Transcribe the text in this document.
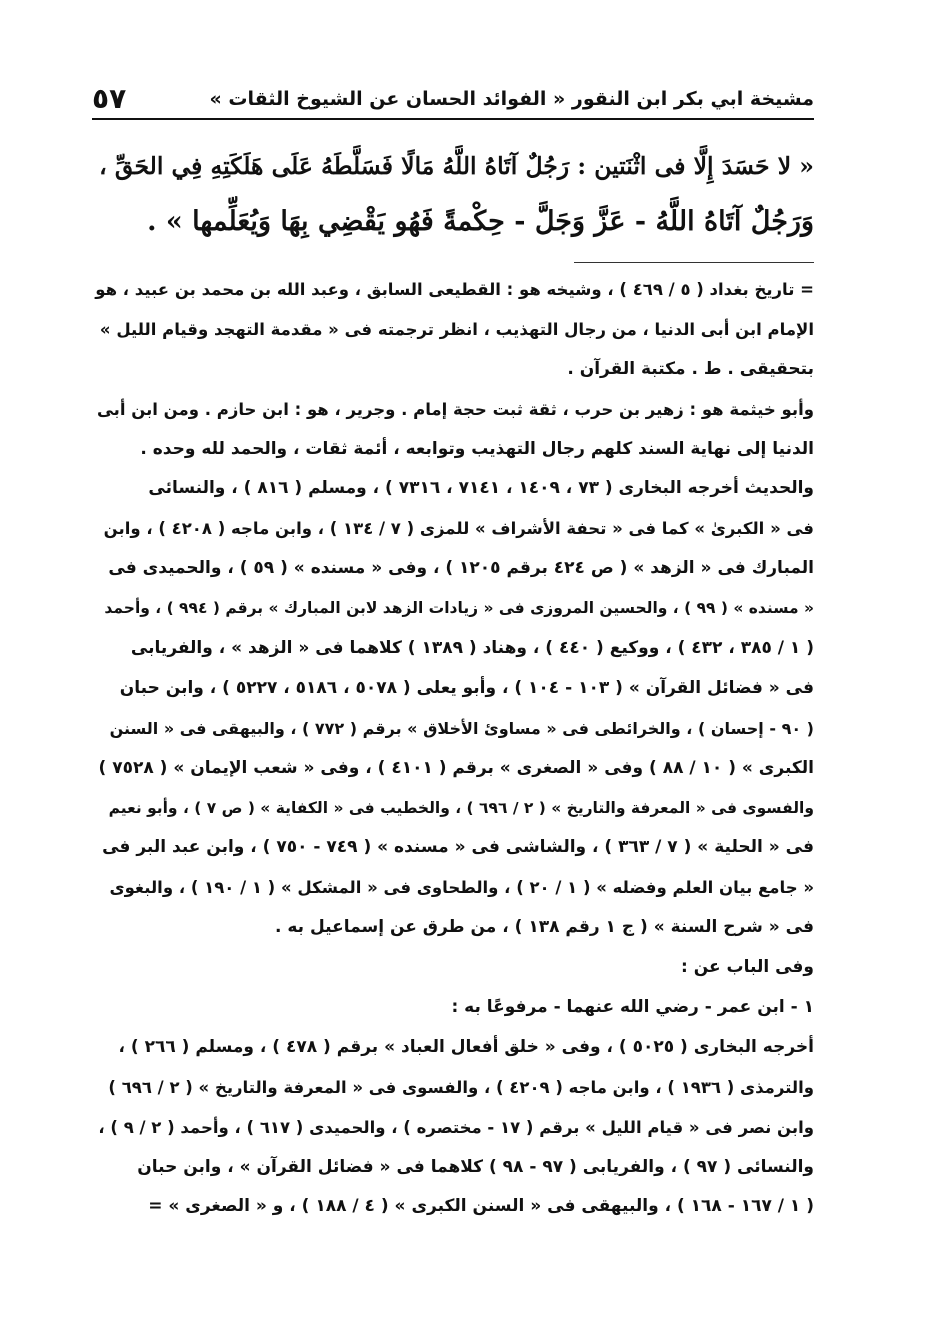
مشيخة ابي بكر ابن النقور « الفوائد الحسان عن الشيوخ الثقات »
٥٧
« لا حَسَدَ إِلَّا فى اثْنَتين : رَجُلٌ آتَاهُ اللَّهُ مَالًا فَسَلَّطَهُ عَلَى هَلَكَتِهِ فِي الحَقِّ ،
وَرَجُلٌ آتَاهُ اللَّهُ - عَزَّ وَجَلَّ - حِكْمةً فَهُو يَقْضِي بِهَا وَيُعَلِّمها » .
= تاريخ بغداد ( ٥ / ٤٦٩ ) ، وشيخه هو : القطيعى السابق ، وعبد الله بن محمد بن عبيد ، هو
الإمام ابن أبى الدنيا ، من رجال التهذيب ، انظر ترجمته فى « مقدمة التهجد وقيام الليل »
بتحقيقى . ط . مكتبة القرآن .
وأبو خيثمة هو : زهير بن حرب ، ثقة ثبت حجة إمام . وجرير ، هو : ابن حازم . ومن ابن أبى
الدنيا إلى نهاية السند كلهم رجال التهذيب وتوابعه ، أئمة ثقات ، والحمد لله وحده .
والحديث أخرجه البخارى ( ٧٣ ، ١٤٠٩ ، ٧١٤١ ، ٧٣١٦ ) ، ومسلم ( ٨١٦ ) ، والنسائى
فى « الكبرىٰ » كما فى « تحفة الأشراف » للمزى ( ٧ / ١٣٤ ) ، وابن ماجه ( ٤٢٠٨ ) ، وابن
المبارك فى « الزهد » ( ص ٤٢٤ برقم ١٢٠٥ ) ، وفى « مسنده » ( ٥٩ ) ، والحميدى فى
« مسنده » ( ٩٩ ) ، والحسين المروزى فى « زيادات الزهد لابن المبارك » برقم ( ٩٩٤ ) ، وأحمد
( ١ / ٣٨٥ ، ٤٣٢ ) ، ووكيع ( ٤٤٠ ) ، وهناد ( ١٣٨٩ ) كلاهما فى « الزهد » ، والفريابى
فى « فضائل القرآن » ( ١٠٣ - ١٠٤ ) ، وأبو يعلى ( ٥٠٧٨ ، ٥١٨٦ ، ٥٢٢٧ ) ، وابن حبان
( ٩٠ - إحسان ) ، والخرائطى فى « مساوئ الأخلاق » برقم ( ٧٧٢ ) ، والبيهقى فى « السنن
الكبرى » ( ١٠ / ٨٨ ) وفى « الصغرى » برقم ( ٤١٠١ ) ، وفى « شعب الإيمان » ( ٧٥٢٨ )
والفسوى فى « المعرفة والتاريخ » ( ٢ / ٦٩٦ ) ، والخطيب فى « الكفاية » ( ص ٧ ) ، وأبو نعيم
فى « الحلية » ( ٧ / ٣٦٣ ) ، والشاشى فى « مسنده » ( ٧٤٩ - ٧٥٠ ) ، وابن عبد البر فى
« جامع بيان العلم وفضله » ( ١ / ٢٠ ) ، والطحاوى فى « المشكل » ( ١ / ١٩٠ ) ، والبغوى
فى « شرح السنة » ( ج ١ رقم ١٣٨ ) ، من طرق عن إسماعيل به .
وفى الباب عن :
١ - ابن عمر - رضي الله عنهما - مرفوعًا به :
أخرجه البخارى ( ٥٠٢٥ ) ، وفى « خلق أفعال العباد » برقم ( ٤٧٨ ) ، ومسلم ( ٢٦٦ ) ،
والترمذى ( ١٩٣٦ ) ، وابن ماجه ( ٤٢٠٩ ) ، والفسوى فى « المعرفة والتاريخ » ( ٢ / ٦٩٦ )
وابن نصر فى « قيام الليل » برقم ( ١٧ - مختصره ) ، والحميدى ( ٦١٧ ) ، وأحمد ( ٢ / ٩ ) ،
والنسائى ( ٩٧ ) ، والفريابى ( ٩٧ - ٩٨ ) كلاهما فى « فضائل القرآن » ، وابن حبان
( ١ / ١٦٧ - ١٦٨ ) ، والبيهقى فى « السنن الكبرى » ( ٤ / ١٨٨ ) ، و « الصغرى » =
